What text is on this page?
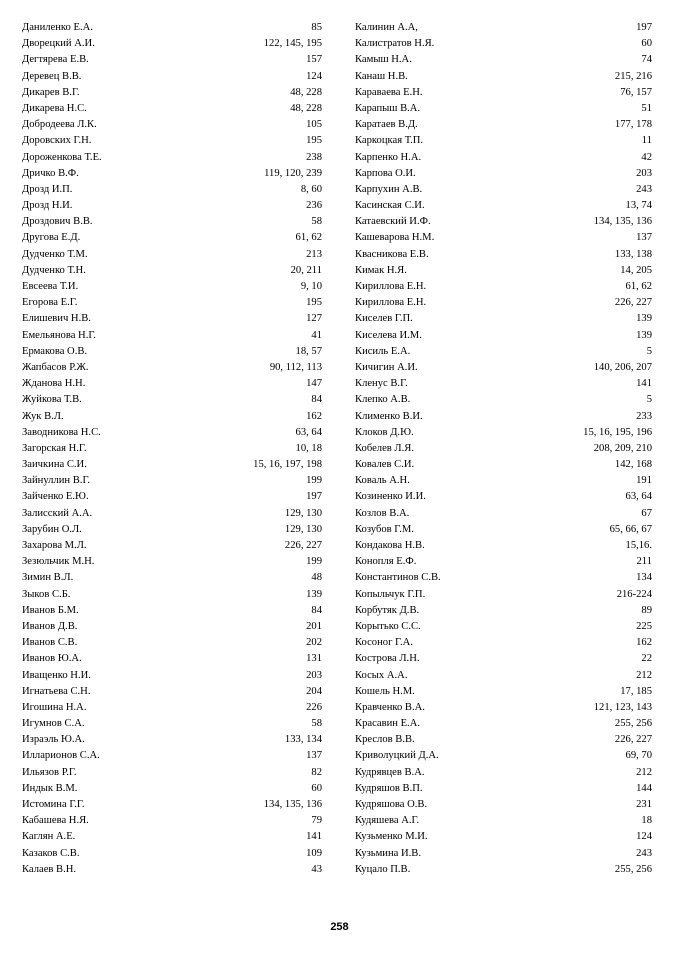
Даниленко Е.А.	85
Дворецкий А.И.	122, 145, 195
Дегтярева Е.В.	157
Деревец В.В.	124
Дикарев В.Г.	48, 228
Дикарева Н.С.	48, 228
Добродеева Л.К.	105
Доровских Г.Н.	195
Дороженкова Т.Е.	238
Дричко В.Ф.	119, 120, 239
Дрозд И.П.	8, 60
Дрозд Н.И.	236
Дроздович В.В.	58
Другова Е.Д.	61, 62
Дудченко Т.М.	213
Дудченко Т.Н.	20, 211
Евсеева Т.И.	9, 10
Егорова Е.Г.	195
Елишевич Н.В.	127
Емельянова Н.Г.	41
Ермакова О.В.	18, 57
Жапбасов Р.Ж.	90, 112, 113
Жданова Н.Н.	147
Жуйкова Т.В.	84
Жук В.Л.	162
Заводникова Н.С.	63, 64
Загорская Н.Г.	10, 18
Заичкина С.И.	15, 16, 197, 198
Зайнуллин В.Г.	199
Зайченко Е.Ю.	197
Залисский А.А.	129, 130
Зарубин О.Л.	129, 130
Захарова М.Л.	226, 227
Зезюльчик М.Н.	199
Зимин В.Л.	48
Зыков С.Б.	139
Иванов Б.М.	84
Иванов Д.В.	201
Иванов С.В.	202
Иванов Ю.А.	131
Иващенко Н.И.	203
Игнатьева С.Н.	204
Игошина Н.А.	226
Игумнов С.А.	58
Израэль Ю.А.	133, 134
Илларионов С.А.	137
Ильязов Р.Г.	82
Индык В.М.	60
Истомина Г.Г.	134, 135, 136
Кабашева Н.Я.	79
Каглян А.Е.	141
Казаков С.В.	109
Калаев В.Н.	43
Калинин А.А,	197
Калистратов Н.Я.	60
Камыш Н.А.	74
Канаш Н.В.	215, 216
Караваева Е.Н.	76, 157
Карапыш В.А.	51
Каратаев В.Д.	177, 178
Каркоцкая Т.П.	11
Карпенко Н.А.	42
Карпова О.И.	203
Карпухин А.В.	243
Касинская С.И.	13, 74
Катаевский И.Ф.	134, 135, 136
Кашеварова Н.М.	137
Квасникова Е.В.	133, 138
Кимак Н.Я.	14, 205
Кириллова Е.Н.	61, 62
Кириллова Е.Н.	226, 227
Киселев Г.П.	139
Киселева И.М.	139
Кисиль Е.А.	5
Кичигин А.И.	140, 206, 207
Кленус В.Г.	141
Клепко А.В.	5
Клименко В.И.	233
Клоков Д.Ю.	15, 16, 195, 196
Кобелев Л.Я.	208, 209, 210
Ковалев С.И.	142, 168
Коваль А.Н.	191
Козиненко И.И.	63, 64
Козлов В.А.	67
Козубов Г.М.	65, 66, 67
Кондакова Н.В.	15,16.
Конопля Е.Ф.	211
Константинов С.В.	134
Копыльчук Г.П.	216-224
Корбутяк Д.В.	89
Корытько С.С.	225
Косоног Г.А.	162
Кострова Л.Н.	22
Косых А.А.	212
Кошель Н.М.	17, 185
Кравченко В.А.	121, 123, 143
Красавин Е.А.	255, 256
Креслов В.В.	226, 227
Криволуцкий Д.А.	69, 70
Кудрявцев В.А.	212
Кудряшов В.П.	144
Кудряшова О.В.	231
Кудяшева А.Г.	18
Кузьменко М.И.	124
Кузьмина И.В.	243
Куцало П.В.	255, 256
258
